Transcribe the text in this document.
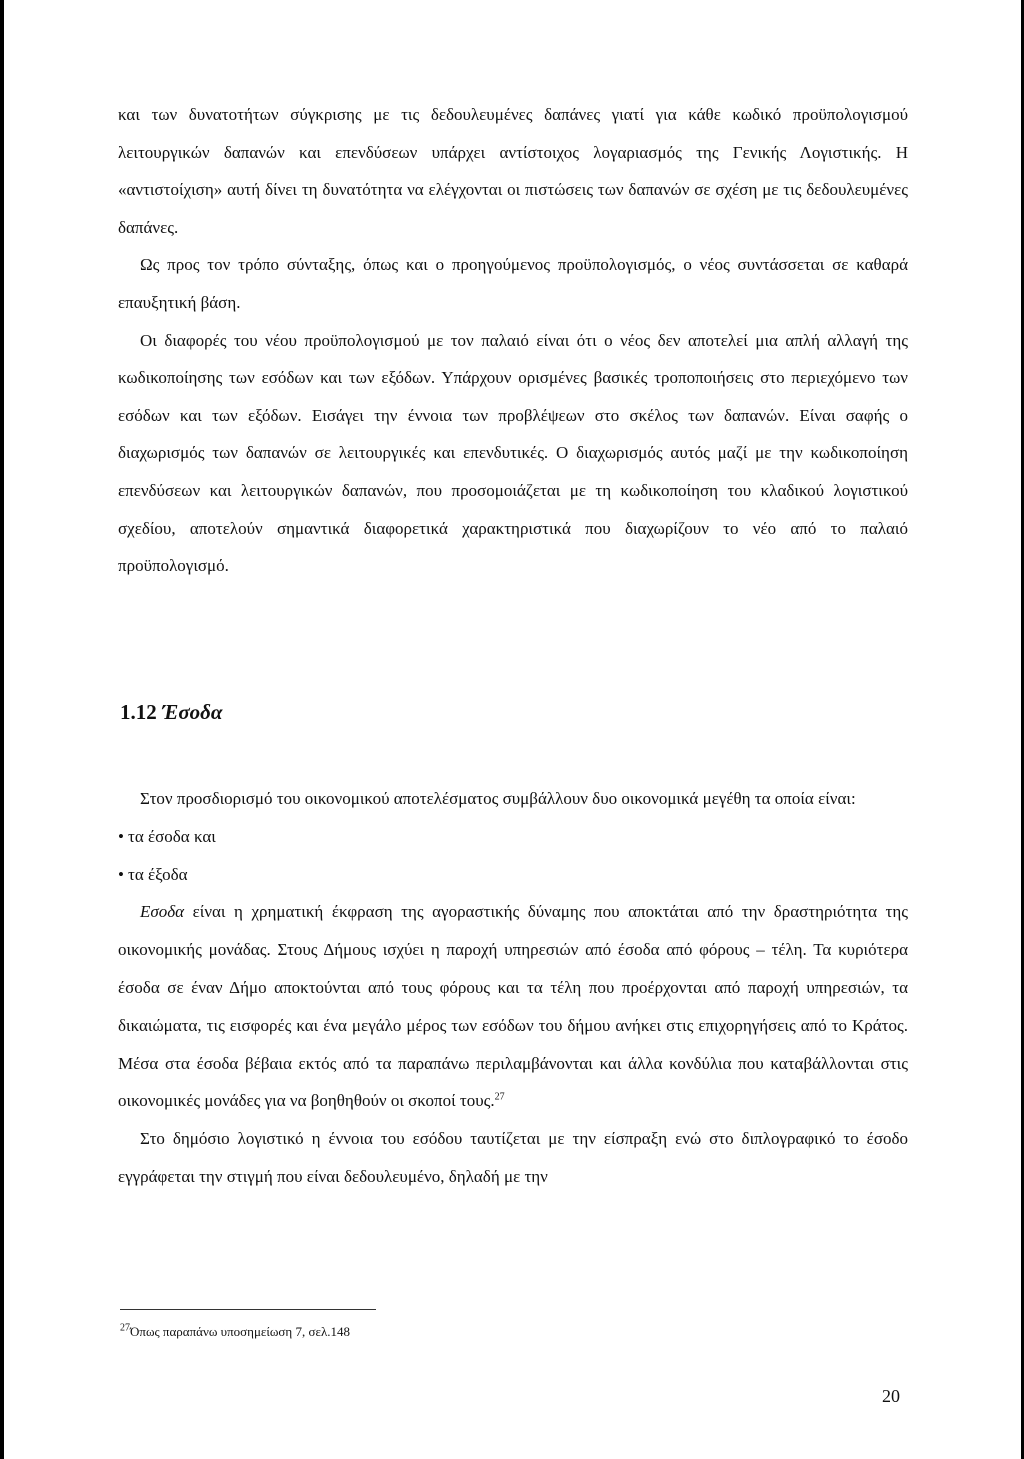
και των δυνατοτήτων σύγκρισης με τις δεδουλευμένες δαπάνες γιατί για κάθε κωδικό προϋπολογισμού λειτουργικών δαπανών και επενδύσεων υπάρχει αντίστοιχος λογαριασμός της Γενικής Λογιστικής. Η «αντιστοίχιση» αυτή δίνει τη δυνατότητα να ελέγχονται οι πιστώσεις των δαπανών σε σχέση με τις δεδουλευμένες δαπάνες.

Ως προς τον τρόπο σύνταξης, όπως και ο προηγούμενος προϋπολογισμός, ο νέος συντάσσεται σε καθαρά επαυξητική βάση.

Οι διαφορές του νέου προϋπολογισμού με τον παλαιό είναι ότι ο νέος δεν αποτελεί μια απλή αλλαγή της κωδικοποίησης των εσόδων και των εξόδων. Υπάρχουν ορισμένες βασικές τροποποιήσεις στο περιεχόμενο των εσόδων και των εξόδων. Εισάγει την έννοια των προβλέψεων στο σκέλος των δαπανών. Είναι σαφής ο διαχωρισμός των δαπανών σε λειτουργικές και επενδυτικές. Ο διαχωρισμός αυτός μαζί με την κωδικοποίηση επενδύσεων και λειτουργικών δαπανών, που προσομοιάζεται με τη κωδικοποίηση του κλαδικού λογιστικού σχεδίου, αποτελούν σημαντικά διαφορετικά χαρακτηριστικά που διαχωρίζουν το νέο από το παλαιό προϋπολογισμό.

1.12 Έσοδα

Στον προσδιορισμό του οικονομικού αποτελέσματος συμβάλλουν δυο οικονομικά μεγέθη τα οποία είναι:

• τα έσοδα και

• τα έξοδα

Εσοδα είναι η χρηματική έκφραση της αγοραστικής δύναμης που αποκτάται από την δραστηριότητα της οικονομικής μονάδας. Στους Δήμους ισχύει η παροχή υπηρεσιών από έσοδα από φόρους – τέλη. Τα κυριότερα έσοδα σε έναν Δήμο αποκτούνται από τους φόρους και τα τέλη που προέρχονται από παροχή υπηρεσιών, τα δικαιώματα, τις εισφορές και ένα μεγάλο μέρος των εσόδων του δήμου ανήκει στις επιχορηγήσεις από το Κράτος. Μέσα στα έσοδα βέβαια εκτός από τα παραπάνω περιλαμβάνονται και άλλα κονδύλια που καταβάλλονται στις οικονομικές μονάδες για να βοηθηθούν οι σκοποί τους.$^{27}$

Στο δημόσιο λογιστικό η έννοια του εσόδου ταυτίζεται με την είσπραξη ενώ στο διπλογραφικό το έσοδο εγγράφεται την στιγμή που είναι δεδουλευμένο, δηλαδή με την

$^{27}$Όπως παραπάνω υποσημείωση 7, σελ.148

20
